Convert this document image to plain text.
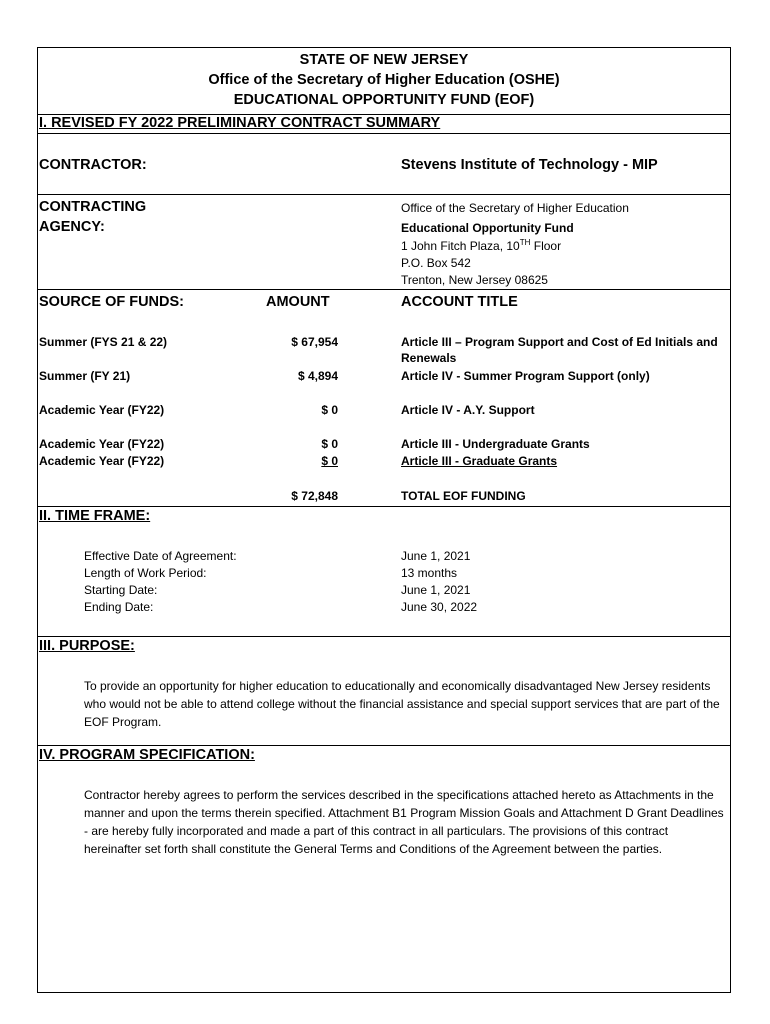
STATE OF NEW JERSEY
Office of the Secretary of Higher Education (OSHE)
EDUCATIONAL OPPORTUNITY FUND (EOF)
I. REVISED FY 2022 PRELIMINARY CONTRACT SUMMARY
CONTRACTOR:	Stevens Institute of Technology - MIP
CONTRACTING
AGENCY:
Office of the Secretary of Higher Education
Educational Opportunity Fund
1 John Fitch Plaza, 10TH Floor
P.O. Box 542
Trenton, New Jersey 08625
SOURCE OF FUNDS:	AMOUNT	ACCOUNT TITLE
Summer (FYS 21 & 22)	$ 67,954	Article III – Program Support and Cost of Ed Initials and
Renewals
Summer (FY 21)	$ 4,894	Article IV - Summer Program Support (only)
Academic Year (FY22)	$ 0	Article IV - A.Y. Support
Academic Year (FY22)	$ 0	Article III - Undergraduate Grants
Academic Year (FY22)	$ 0	Article III - Graduate Grants
$ 72,848	TOTAL EOF FUNDING
II. TIME FRAME:
Effective Date of Agreement:	June 1, 2021
Length of Work Period:	13 months
Starting Date:	June 1, 2021
Ending Date:	June 30, 2022
III. PURPOSE:
To provide an opportunity for higher education to educationally and economically disadvantaged New Jersey residents who would not be able to attend college without the financial assistance and special support services that are part of the EOF Program.
IV. PROGRAM SPECIFICATION:
Contractor hereby agrees to perform the services described in the specifications attached hereto as Attachments in the manner and upon the terms therein specified. Attachment B1 Program Mission Goals and Attachment D Grant Deadlines - are hereby fully incorporated and made a part of this contract in all particulars. The provisions of this contract hereinafter set forth shall constitute the General Terms and Conditions of the Agreement between the parties.
